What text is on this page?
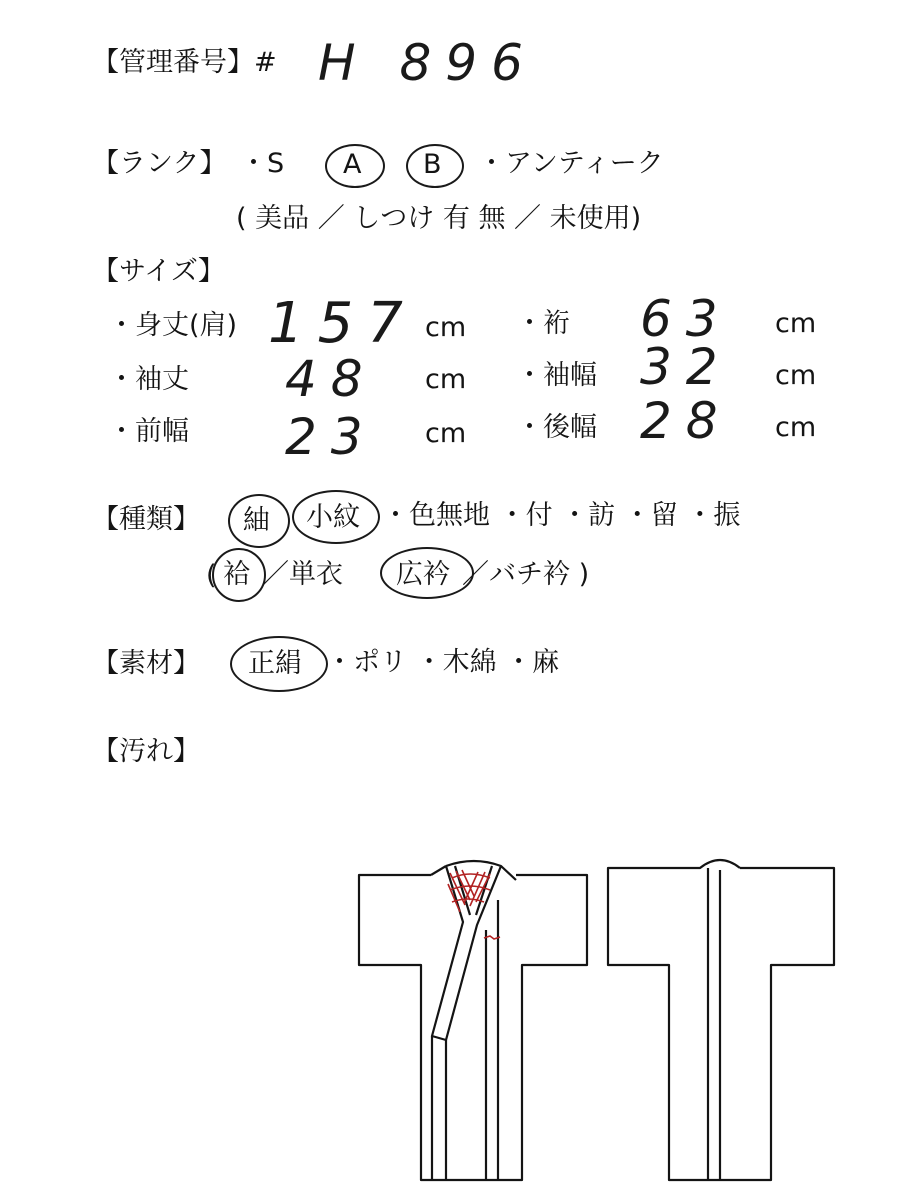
【管理番号】# H 896
【ランク】 ・S A B ・アンティーク
( 美品 ／ しつけ 有 無 ／ 未使用)
【サイズ】
・身丈(肩) 157 cm ・裄 63 cm
・袖丈 48 cm ・袖幅 32 cm
・前幅 23 cm ・後幅 28 cm
【種類】 紬 小紋 ・色無地 ・付 ・訪 ・留 ・振
( 袷 ／単衣 広衿 ／バチ衿 )
【素材】 正絹 ・ポリ ・木綿 ・麻
【汚れ】
